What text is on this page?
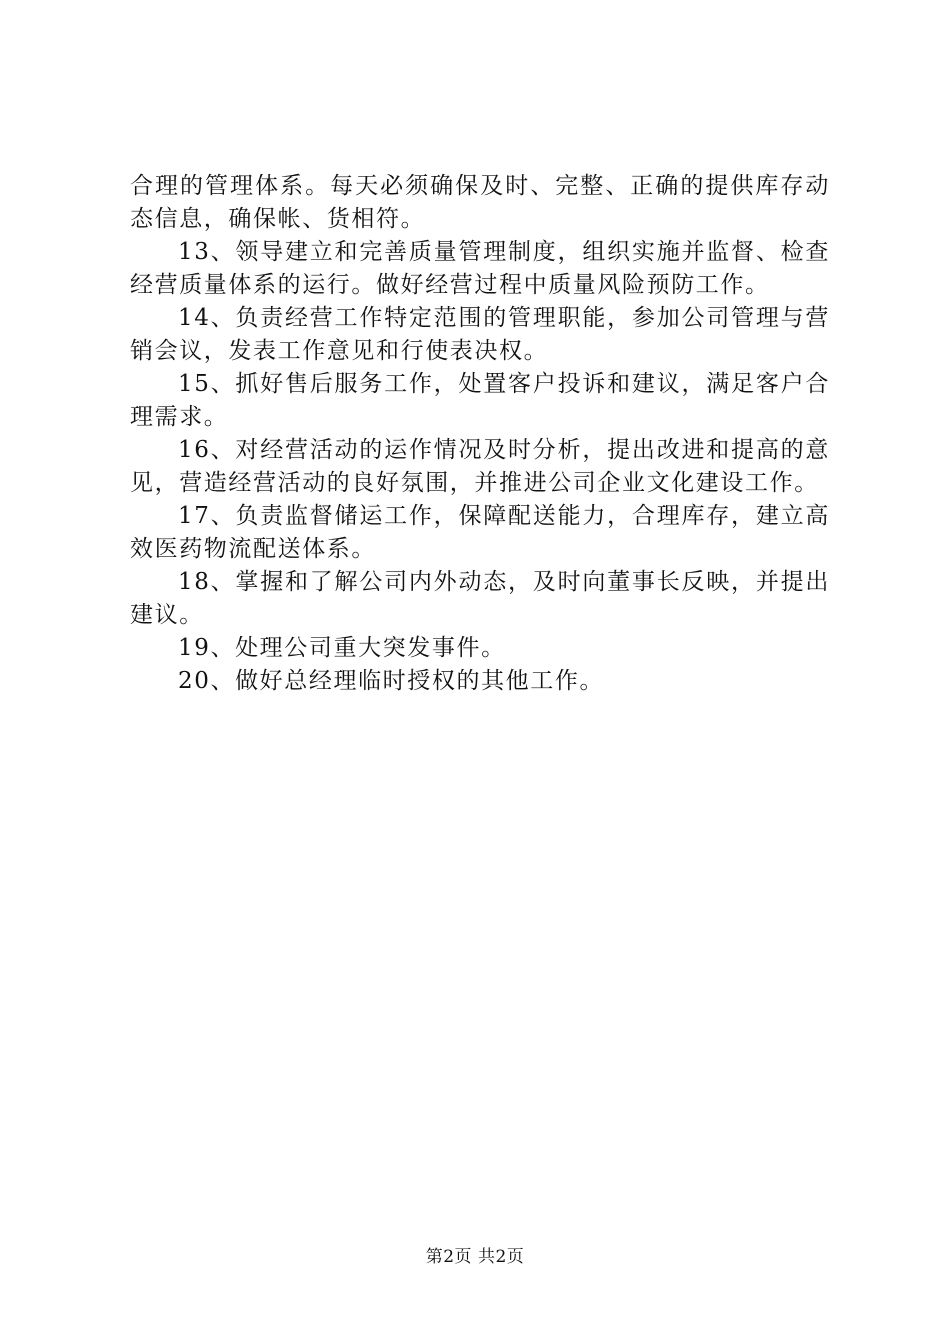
合理的管理体系。每天必须确保及时、完整、正确的提供库存动态信息，确保帐、货相符。

13、领导建立和完善质量管理制度，组织实施并监督、检查经营质量体系的运行。做好经营过程中质量风险预防工作。

14、负责经营工作特定范围的管理职能，参加公司管理与营销会议，发表工作意见和行使表决权。

15、抓好售后服务工作，处置客户投诉和建议，满足客户合理需求。

16、对经营活动的运作情况及时分析，提出改进和提高的意见，营造经营活动的良好氛围，并推进公司企业文化建设工作。

17、负责监督储运工作，保障配送能力，合理库存，建立高效医药物流配送体系。

18、掌握和了解公司内外动态，及时向董事长反映，并提出建议。

19、处理公司重大突发事件。

20、做好总经理临时授权的其他工作。

第2页 共2页
